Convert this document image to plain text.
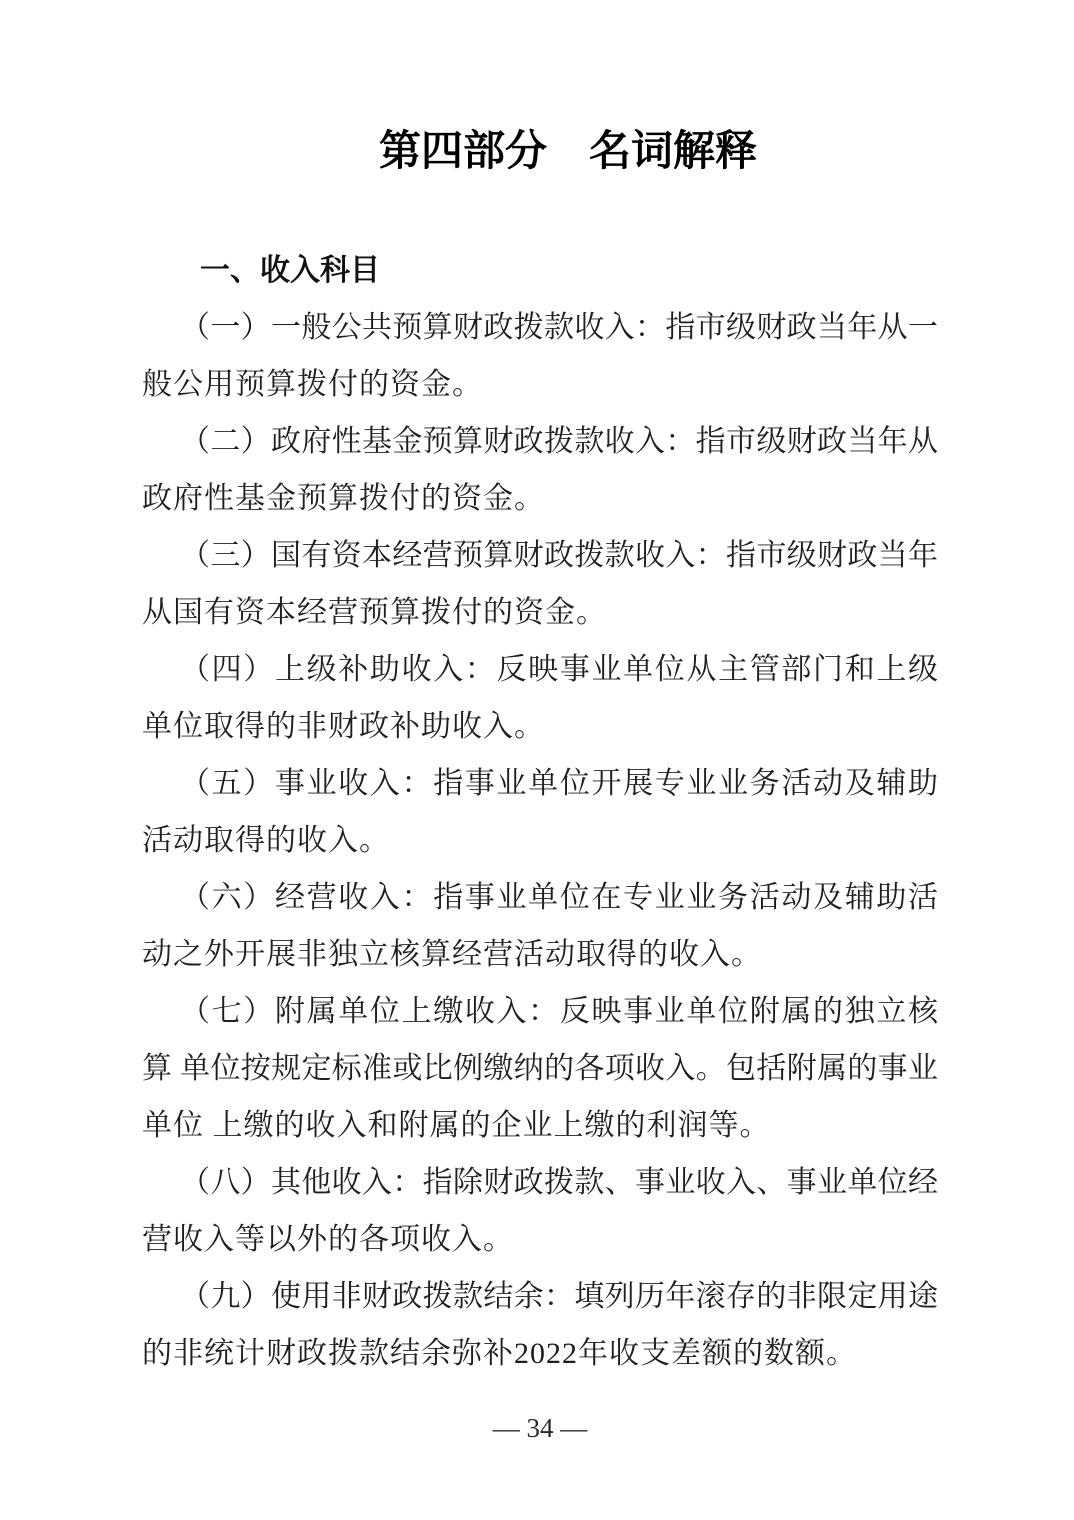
第四部分　名词解释
一、收入科目
（一）一般公共预算财政拨款收入：指市级财政当年从一
般公用预算拨付的资金。
（二）政府性基金预算财政拨款收入：指市级财政当年从
政府性基金预算拨付的资金。
（三）国有资本经营预算财政拨款收入：指市级财政当年
从国有资本经营预算拨付的资金。
（四）上级补助收入：反映事业单位从主管部门和上级
单位取得的非财政补助收入。
（五）事业收入：指事业单位开展专业业务活动及辅助
活动取得的收入。
（六）经营收入：指事业单位在专业业务活动及辅助活
动之外开展非独立核算经营活动取得的收入。
（七）附属单位上缴收入：反映事业单位附属的独立核
算 单位按规定标准或比例缴纳的各项收入。包括附属的事业
单位 上缴的收入和附属的企业上缴的利润等。
（八）其他收入：指除财政拨款、事业收入、事业单位经
营收入等以外的各项收入。
（九）使用非财政拨款结余：填列历年滚存的非限定用途
的非统计财政拨款结余弥补2022年收支差额的数额。
— 34 —
